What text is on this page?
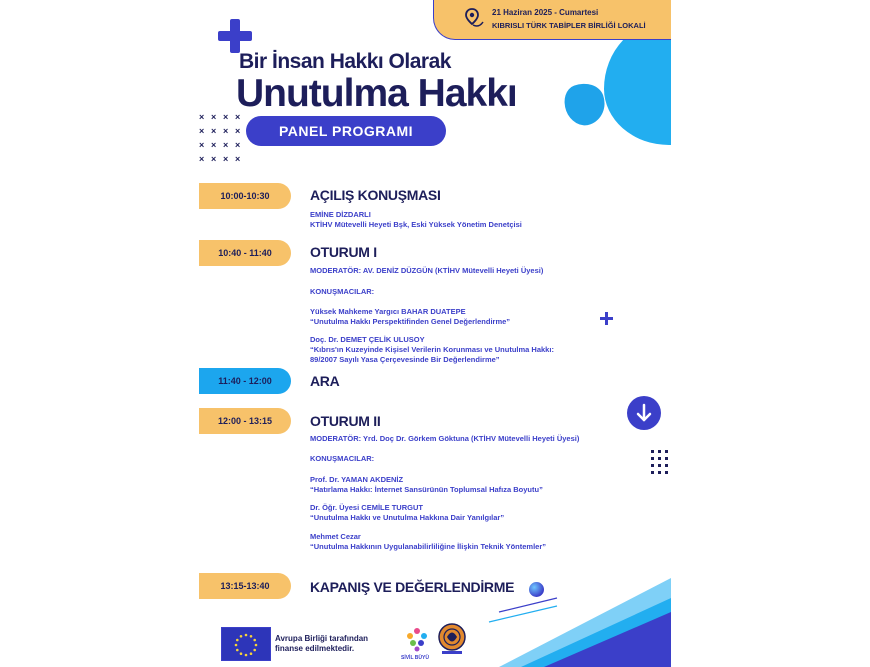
21 Haziran 2025 - Cumartesi
KIBRISLI TÜRK TABİPLER BİRLİĞİ LOKALİ
Bir İnsan Hakkı Olarak
Unutulma Hakkı
× × × ×
× × × ×
× × × ×
× × × ×
PANEL PROGRAMI
10:00-10:30	AÇILIŞ KONUŞMASI
EMİNE DİZDARLI
KTİHV Mütevelli Heyeti Bşk, Eski Yüksek Yönetim Denetçisi
10:40 - 11:40	OTURUM I
MODERATÖR: AV. DENİZ DÜZGÜN (KTİHV Mütevelli Heyeti Üyesi)
KONUŞMACILAR:
Yüksek Mahkeme Yargıcı BAHAR DUATEPE
“Unutulma Hakkı Perspektifinden Genel Değerlendirme”
Doç. Dr. DEMET ÇELİK ULUSOY
“Kıbrıs'ın Kuzeyinde Kişisel Verilerin Korunması ve Unutulma Hakkı:
89/2007 Sayılı Yasa Çerçevesinde Bir Değerlendirme”
11:40 - 12:00	ARA
12:00 - 13:15	OTURUM II
MODERATÖR: Yrd. Doç Dr. Görkem Göktuna (KTİHV Mütevelli Heyeti Üyesi)
KONUŞMACILAR:
Prof. Dr. YAMAN AKDENİZ
“Hatırlama Hakkı: İnternet Sansürünün Toplumsal Hafıza Boyutu”
Dr. Öğr. Üyesi CEMİLE TURGUT
“Unutulma Hakkı ve Unutulma Hakkına Dair Yanılgılar”
Mehmet Cezar
“Unutulma Hakkının Uygulanabilirliliğine İlişkin Teknik Yöntemler”
13:15-13:40	KAPANIŞ VE DEĞERLENDİRME
Avrupa Birliği tarafından
finanse edilmektedir.
SİVİL BÜYÜ
